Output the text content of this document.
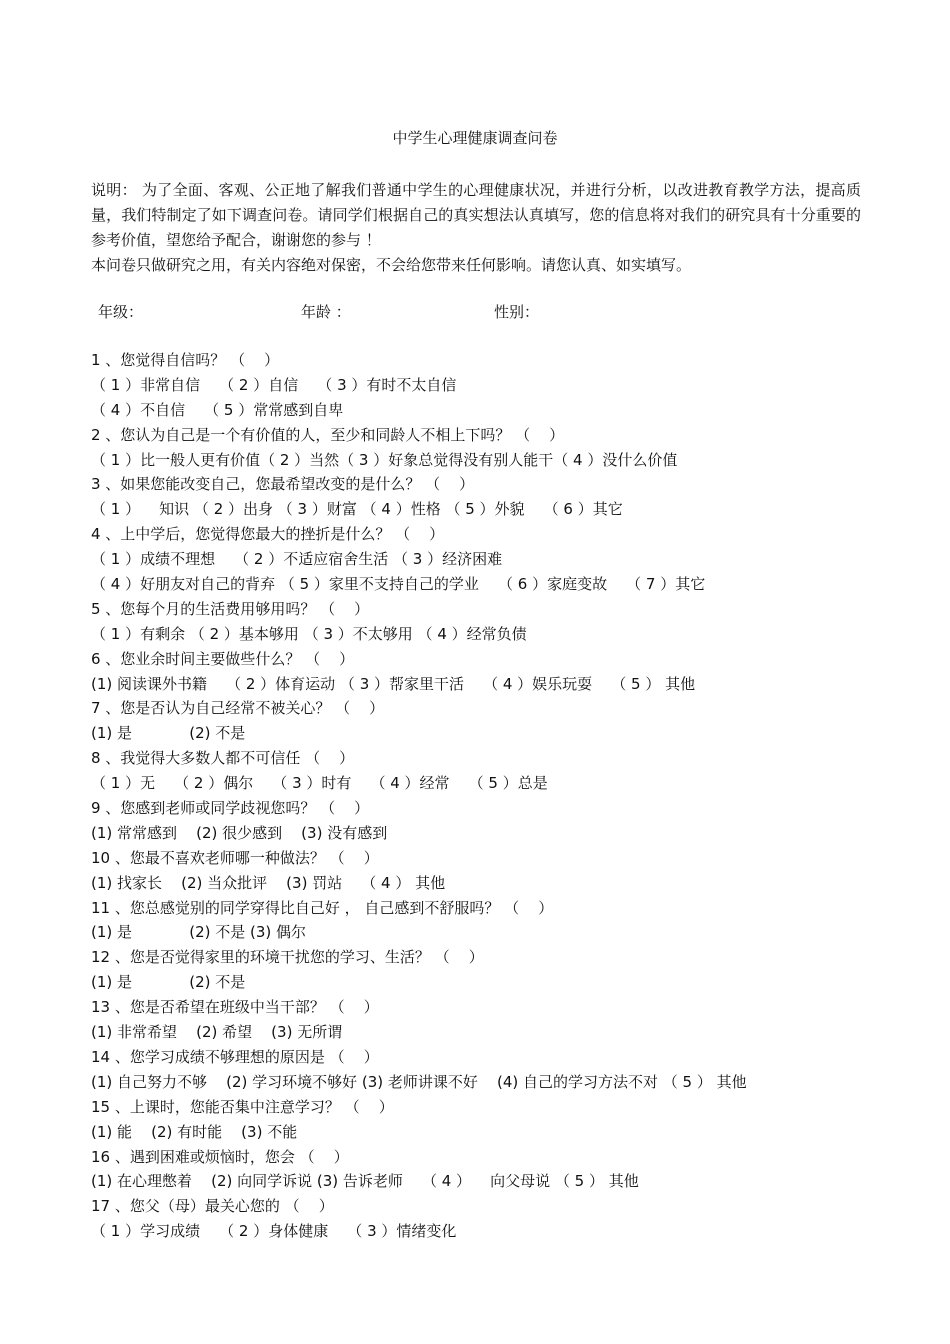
中学生心理健康调查问卷

说明： 为了全面、客观、公正地了解我们普通中学生的心理健康状况，并进行分析，以改进教育教学方法，提高质量，我们特制定了如下调查问卷。请同学们根据自己的真实想法认真填写，您的信息将对我们的研究具有十分重要的参考价值，望您给予配合，谢谢您的参与 ！

本问卷只做研究之用，有关内容绝对保密，不会给您带来任何影响。请您认真、如实填写。

年级：	年龄 ：	性别：
1 、您觉得自信吗？ （    ）
（ 1 ）非常自信    （ 2 ）自信    （ 3 ）有时不太自信
（ 4 ）不自信    （ 5 ）常常感到自卑
2 、您认为自己是一个有价值的人，至少和同龄人不相上下吗？ （    ）
（ 1 ）比一般人更有价值（ 2 ）当然（ 3 ）好象总觉得没有别人能干（ 4 ）没什么价值
3 、如果您能改变自己，您最希望改变的是什么？ （    ）
（ 1 ）    知识 （ 2 ）出身 （ 3 ）财富 （ 4 ）性格 （ 5 ）外貌    （ 6 ）其它
4 、上中学后，您觉得您最大的挫折是什么？ （    ）
（ 1 ）成绩不理想    （ 2 ）不适应宿舍生活 （ 3 ）经济困难
（ 4 ）好朋友对自己的背弃 （ 5 ）家里不支持自己的学业    （ 6 ）家庭变故    （ 7 ）其它
5 、您每个月的生活费用够用吗？ （    ）
（ 1 ）有剩余 （ 2 ）基本够用 （ 3 ）不太够用 （ 4 ）经常负债
6 、您业余时间主要做些什么？ （    ）
(1) 阅读课外书籍    （ 2 ）体育运动 （ 3 ）帮家里干活    （ 4 ）娱乐玩耍    （ 5 ） 其他
7 、您是否认为自己经常不被关心？ （    ）
(1) 是            (2) 不是
8 、我觉得大多数人都不可信任 （    ）
（ 1 ）无    （ 2 ）偶尔    （ 3 ）时有    （ 4 ）经常    （ 5 ）总是
9 、您感到老师或同学歧视您吗？ （    ）
(1) 常常感到    (2) 很少感到    (3) 没有感到
10 、您最不喜欢老师哪一种做法？ （    ）
(1) 找家长    (2) 当众批评    (3) 罚站    （ 4 ） 其他
11 、您总感觉别的同学穿得比自己好 ， 自己感到不舒服吗？ （    ）
(1) 是            (2) 不是 (3) 偶尔
12 、您是否觉得家里的环境干扰您的学习、生活？ （    ）
(1) 是            (2) 不是
13 、您是否希望在班级中当干部？ （    ）
(1) 非常希望    (2) 希望    (3) 无所谓
14 、您学习成绩不够理想的原因是 （    ）
(1) 自己努力不够    (2) 学习环境不够好 (3) 老师讲课不好    (4) 自己的学习方法不对 （ 5 ） 其他
15 、上课时，您能否集中注意学习？ （    ）
(1) 能    (2) 有时能    (3) 不能
16 、遇到困难或烦恼时，您会 （    ）
(1) 在心理憋着    (2) 向同学诉说 (3) 告诉老师    （ 4 ）    向父母说 （ 5 ） 其他
17 、您父（母）最关心您的 （    ）
（ 1 ）学习成绩    （ 2 ）身体健康    （ 3 ）情绪变化
